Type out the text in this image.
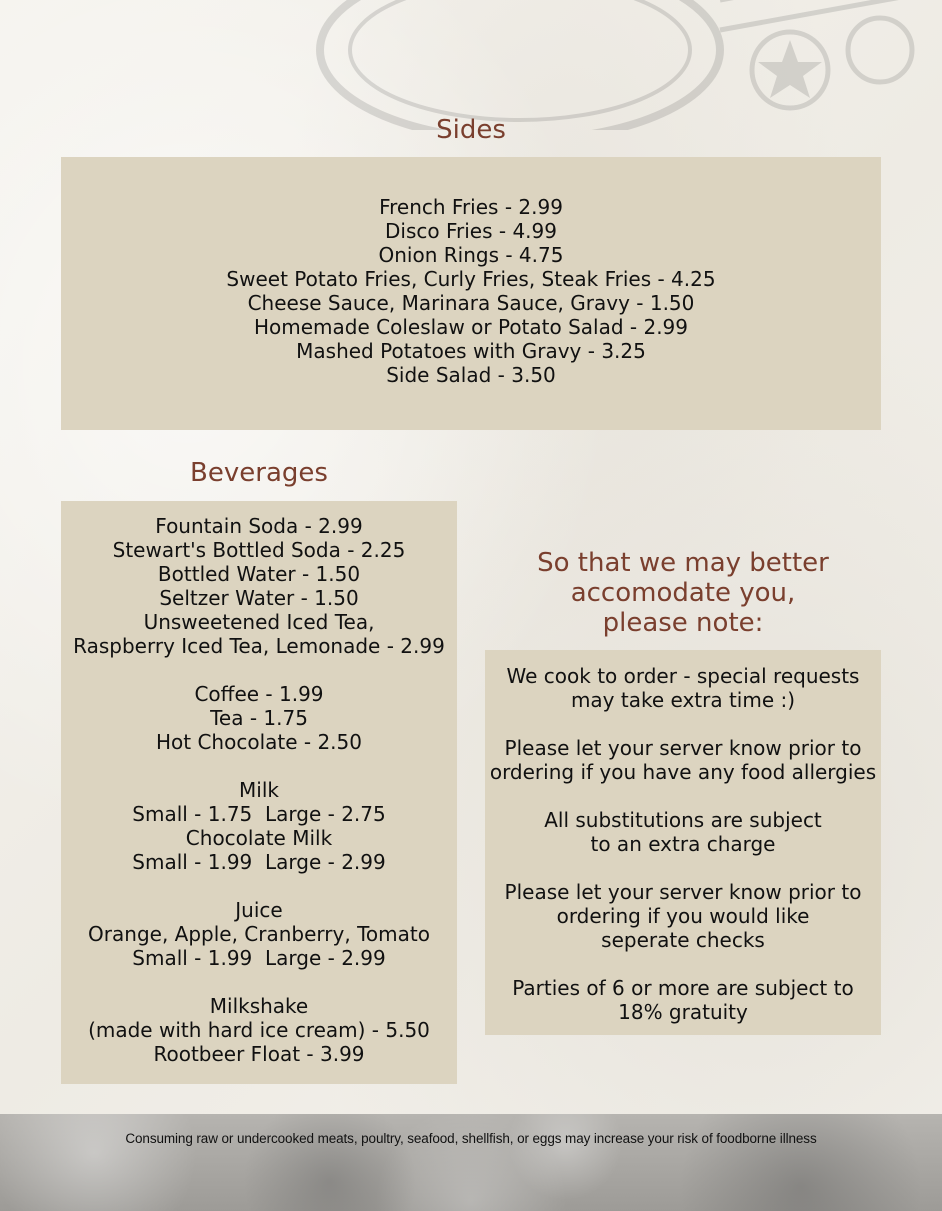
Sides
French Fries - 2.99
Disco Fries - 4.99
Onion Rings - 4.75
Sweet Potato Fries, Curly Fries, Steak Fries - 4.25
Cheese Sauce, Marinara Sauce, Gravy - 1.50
Homemade Coleslaw or Potato Salad - 2.99
Mashed Potatoes with Gravy - 3.25
Side Salad - 3.50
Beverages
Fountain Soda - 2.99
Stewart's Bottled Soda - 2.25
Bottled Water - 1.50
Seltzer Water - 1.50
Unsweetened Iced Tea,
Raspberry Iced Tea, Lemonade - 2.99
Coffee - 1.99
Tea - 1.75
Hot Chocolate - 2.50
Milk
Small - 1.75  Large - 2.75
Chocolate Milk
Small - 1.99  Large - 2.99
Juice
Orange, Apple, Cranberry, Tomato
Small - 1.99  Large - 2.99
Milkshake
(made with hard ice cream) - 5.50
Rootbeer Float - 3.99
So that we may better
accomodate you,
please note:
We cook to order - special requests
may take extra time :)
Please let your server know prior to
ordering if you have any food allergies
All substitutions are subject
to an extra charge
Please let your server know prior to
ordering if you would like
seperate checks
Parties of 6 or more are subject to
18% gratuity
Consuming raw or undercooked meats, poultry, seafood, shellfish, or eggs may increase your risk of foodborne illness
